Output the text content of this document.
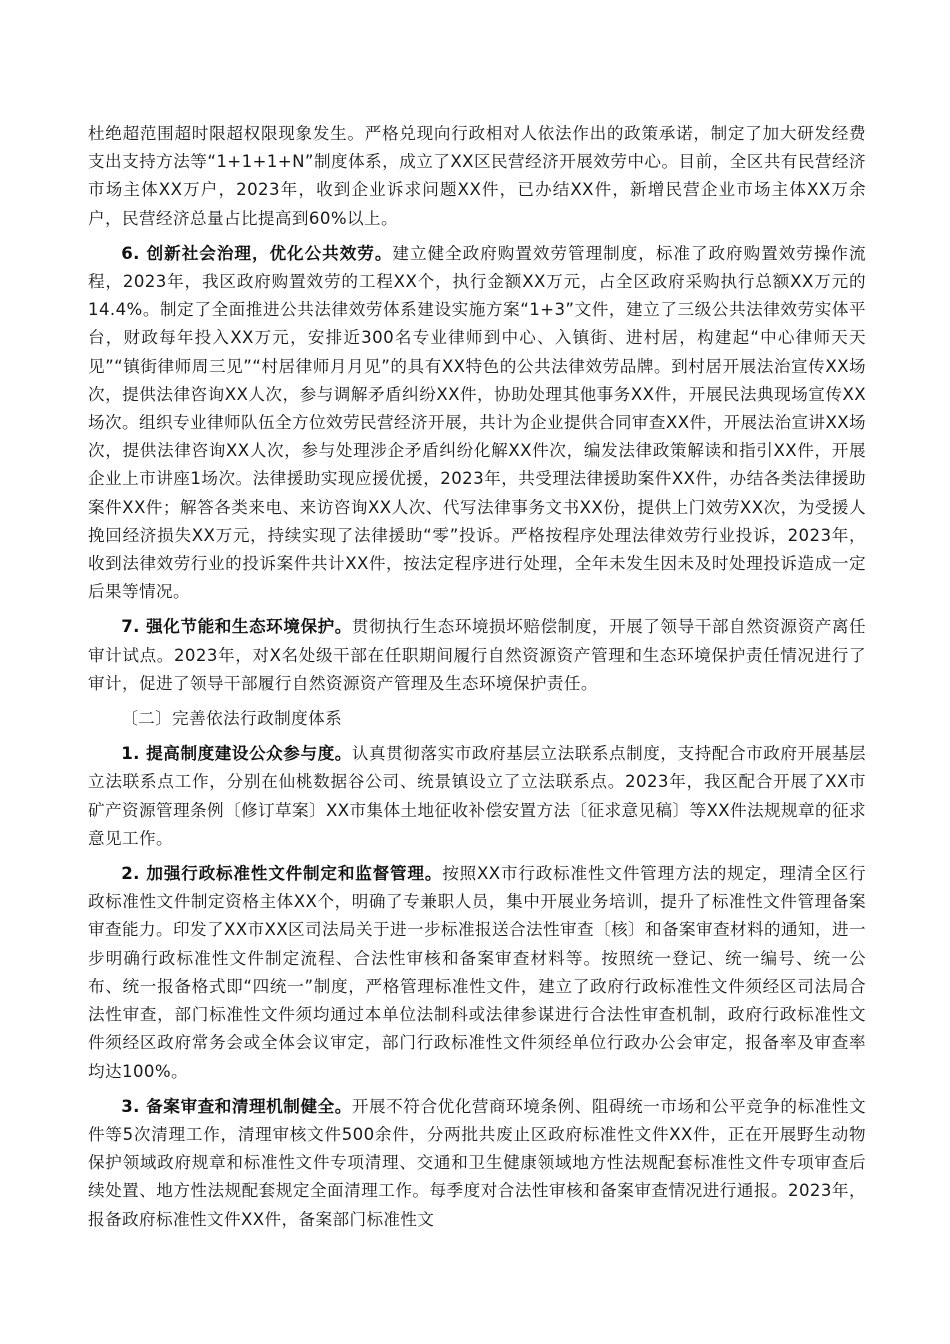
杜绝超范围超时限超权限现象发生。严格兑现向行政相对人依法作出的政策承诺，制定了加大研发经费支出支持方法等“1+1+1+N”制度体系，成立了XX区民营经济开展效劳中心。目前，全区共有民营经济市场主体XX万户，2023年，收到企业诉求问题XX件，已办结XX件，新增民营企业市场主体XX万余户，民营经济总量占比提高到60%以上。

6. 创新社会治理，优化公共效劳。建立健全政府购置效劳管理制度，标准了政府购置效劳操作流程，2023年，我区政府购置效劳的工程XX个，执行金额XX万元，占全区政府采购执行总额XX万元的14.4%。制定了全面推进公共法律效劳体系建设实施方案“1+3”文件，建立了三级公共法律效劳实体平台，财政每年投入XX万元，安排近300名专业律师到中心、入镇街、进村居，构建起“中心律师天天见”“镇街律师周三见”“村居律师月月见”的具有XX特色的公共法律效劳品牌。到村居开展法治宣传XX场次，提供法律咨询XX人次，参与调解矛盾纠纷XX件，协助处理其他事务XX件，开展民法典现场宣传XX场次。组织专业律师队伍全方位效劳民营经济开展，共计为企业提供合同审查XX件，开展法治宣讲XX场次，提供法律咨询XX人次，参与处理涉企矛盾纠纷化解XX件次，编发法律政策解读和指引XX件，开展企业上市讲座1场次。法律援助实现应援优援，2023年，共受理法律援助案件XX件，办结各类法律援助案件XX件；解答各类来电、来访咨询XX人次、代写法律事务文书XX份，提供上门效劳XX次，为受援人挽回经济损失XX万元，持续实现了法律援助“零”投诉。严格按程序处理法律效劳行业投诉，2023年，收到法律效劳行业的投诉案件共计XX件，按法定程序进行处理，全年未发生因未及时处理投诉造成一定后果等情况。

7. 强化节能和生态环境保护。贯彻执行生态环境损坏赔偿制度，开展了领导干部自然资源资产离任审计试点。2023年，对X名处级干部在任职期间履行自然资源资产管理和生态环境保护责任情况进行了审计，促进了领导干部履行自然资源资产管理及生态环境保护责任。

〔二〕完善依法行政制度体系

1. 提高制度建设公众参与度。认真贯彻落实市政府基层立法联系点制度，支持配合市政府开展基层立法联系点工作，分别在仙桃数据谷公司、统景镇设立了立法联系点。2023年，我区配合开展了XX市矿产资源管理条例〔修订草案〕XX市集体土地征收补偿安置方法〔征求意见稿〕等XX件法规规章的征求意见工作。

2. 加强行政标准性文件制定和监督管理。按照XX市行政标准性文件管理方法的规定，理清全区行政标准性文件制定资格主体XX个，明确了专兼职人员，集中开展业务培训，提升了标准性文件管理备案审查能力。印发了XX市XX区司法局关于进一步标准报送合法性审查〔核〕和备案审查材料的通知，进一步明确行政标准性文件制定流程、合法性审核和备案审查材料等。按照统一登记、统一编号、统一公布、统一报备格式即“四统一”制度，严格管理标准性文件，建立了政府行政标准性文件须经区司法局合法性审查，部门标准性文件须均通过本单位法制科或法律参谋进行合法性审查机制，政府行政标准性文件须经区政府常务会或全体会议审定，部门行政标准性文件须经单位行政办公会审定，报备率及审查率均达100%。

3. 备案审查和清理机制健全。开展不符合优化营商环境条例、阻碍统一市场和公平竞争的标准性文件等5次清理工作，清理审核文件500余件，分两批共废止区政府标准性文件XX件，正在开展野生动物保护领域政府规章和标准性文件专项清理、交通和卫生健康领域地方性法规配套标准性文件专项审查后续处置、地方性法规配套规定全面清理工作。每季度对合法性审核和备案审查情况进行通报。2023年，报备政府标准性文件XX件，备案部门标准性文
